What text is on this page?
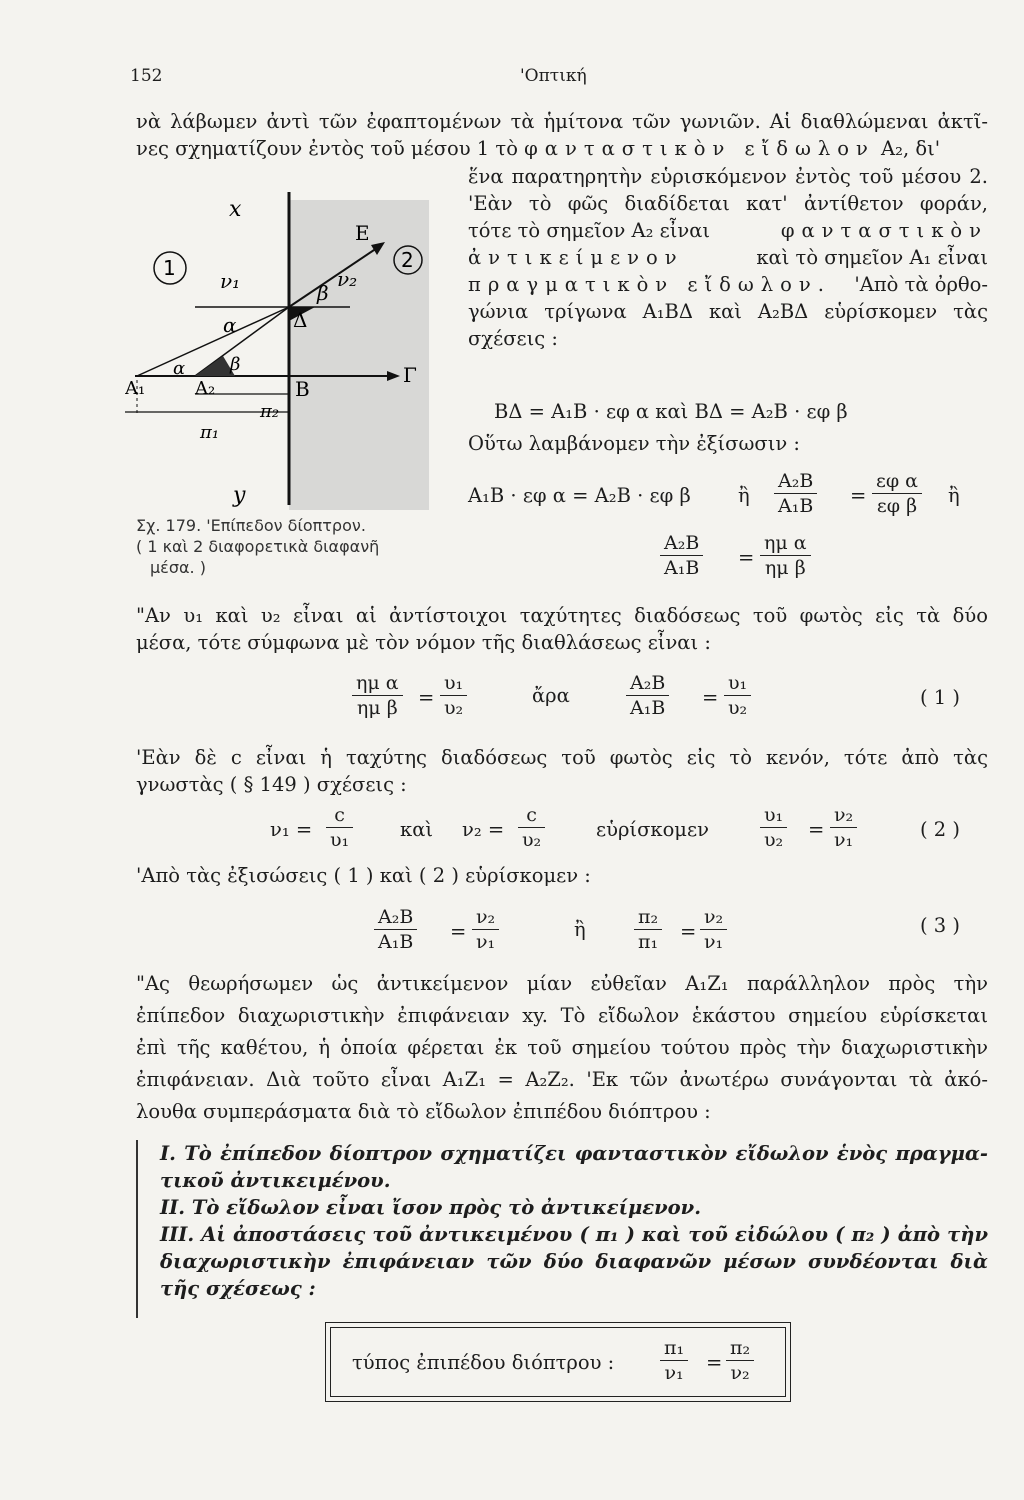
152	'Οπτική
νὰ λάβωμεν ἀντὶ τῶν ἐφαπτομένων τὰ ἡμίτονα τῶν γωνιῶν. Αἱ διαθλώμεναι ἀκτῖ-
νες σχηματίζουν ἐντὸς τοῦ μέσου 1 τὸ φανταστικὸν εἴδωλον Α₂, δι'
1	2
x
y
ν₁	ν₂
Ε
Δ
Β
Γ
Α₁	Α₂
α
β
α β
π₂
π₁
Σχ. 179. 'Επίπεδον δίοπτρον.
( 1 καὶ 2 διαφορετικὰ διαφανῆ
μέσα. )
ἕνα παρατηρητὴν εὑρισκόμενον ἐντὸς τοῦ μέσου 2.
'Εὰν τὸ φῶς διαδίδεται κατ' ἀντίθετον φοράν,
τότε τὸ σημεῖον Α₂ εἶναι	φανταστικὸν
ἀντικείμενον	καὶ τὸ σημεῖον Α₁ εἶναι
πραγματικὸν εἴδωλον. 'Απὸ τὰ ὀρθο-
γώνια τρίγωνα Α₁ΒΔ καὶ Α₂ΒΔ εὑρίσκομεν τὰς
σχέσεις :
ΒΔ = Α₁Β · εφ α καὶ ΒΔ = Α₂Β · εφ β
Οὕτω λαμβάνομεν τὴν ἐξίσωσιν :
Α₁Β · εφ α = Α₂Β · εφ β ἢ $\frac{\text{Α₂Β}}{\text{Α₁Β}} = \frac{\text{εφ α}}{\text{εφ β}}$ ἢ
$\frac{\text{Α₂Β}}{\text{Α₁Β}} = \frac{\text{ημ α}}{\text{ημ β}}$
"Αν υ₁ καὶ υ₂ εἶναι αἱ ἀντίστοιχοι ταχύτητες διαδόσεως τοῦ φωτὸς εἰς τὰ δύο
μέσα, τότε σύμφωνα μὲ τὸν νόμον τῆς διαθλάσεως εἶναι :
$\frac{\text{ημ α}}{\text{ημ β}} = \frac{\text{υ₁}}{\text{υ₂}}$	ἄρα	$\frac{\text{Α₂Β}}{\text{Α₁Β}} = \frac{\text{υ₁}}{\text{υ₂}}$	( 1 )
'Εὰν δὲ c εἶναι ἡ ταχύτης διαδόσεως τοῦ φωτὸς εἰς τὸ κενόν, τότε ἀπὸ τὰς
γνωστὰς ( § 149 ) σχέσεις :
$\nu_1 = \frac{c}{\text{υ₁}}$ καὶ $\nu_2 = \frac{c}{\text{υ₂}}$	εὑρίσκομεν	$\frac{\text{υ₁}}{\text{υ₂}} = \frac{\text{ν₂}}{\text{ν₁}}$	( 2 )
'Απὸ τὰς ἐξισώσεις ( 1 ) καὶ ( 2 ) εὑρίσκομεν :
$\frac{\text{Α₂Β}}{\text{Α₁Β}} = \frac{\text{ν₂}}{\text{ν₁}}$	ἢ	$\frac{\text{π₂}}{\text{π₁}} = \frac{\text{ν₂}}{\text{ν₁}}$	( 3 )
"Ας θεωρήσωμεν ὡς ἀντικείμενον μίαν εὐθεῖαν Α₁Ζ₁ παράλληλον πρὸς τὴν
ἐπίπεδον διαχωριστικὴν ἐπιφάνειαν xy. Τὸ εἴδωλον ἑκάστου σημείου εὑρίσκεται
ἐπὶ τῆς καθέτου, ἡ ὁποία φέρεται ἐκ τοῦ σημείου τούτου πρὸς τὴν διαχωριστικὴν
ἐπιφάνειαν. Διὰ τοῦτο εἶναι Α₁Ζ₁ = Α₂Ζ₂. 'Εκ τῶν ἀνωτέρω συνάγονται τὰ ἀκό-
λουθα συμπεράσματα διὰ τὸ εἴδωλον ἐπιπέδου διόπτρου :
I. Τὸ ἐπίπεδον δίοπτρον σχηματίζει φανταστικὸν εἴδωλον ἑνὸς πραγμα-
τικοῦ ἀντικειμένου.
II. Τὸ εἴδωλον εἶναι ἴσον πρὸς τὸ ἀντικείμενον.
III. Αἱ ἀποστάσεις τοῦ ἀντικειμένου ( π₁ ) καὶ τοῦ εἰδώλου ( π₂ ) ἀπὸ τὴν
διαχωριστικὴν ἐπιφάνειαν τῶν δύο διαφανῶν μέσων συνδέονται διὰ
τῆς σχέσεως :
τύπος ἐπιπέδου διόπτρου : $\frac{\text{π₁}}{\text{ν₁}} = \frac{\text{π₂}}{\text{ν₂}}$
